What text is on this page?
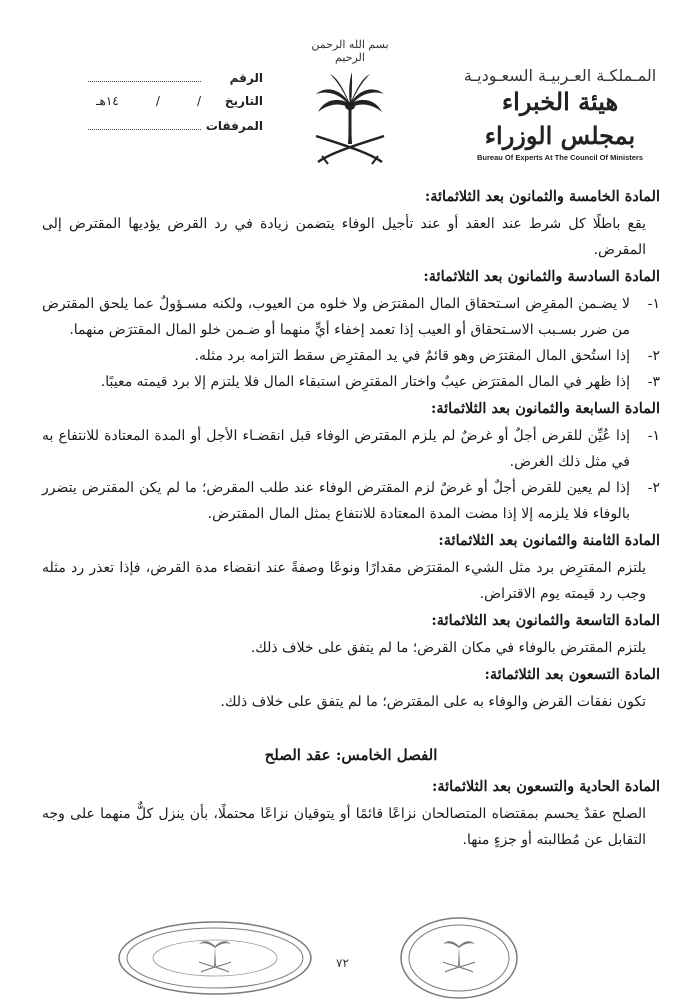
المـملكـة العـربيـة السعـوديـة
هيئة الخبراء بمجلس الوزراء
Bureau Of Experts At The Council Of Ministers
بسم الله الرحمن الرحيم
الرقم
التاريخ
/
/
١٤هـ
المرفقات
المادة الخامسة والثمانون بعد الثلاثمائة:

يقع باطلًا كل شرط عند العقد أو عند تأجيل الوفاء يتضمن زيادة في رد القرض يؤديها المقترض إلى المقرض.

المادة السادسة والثمانون بعد الثلاثمائة:
١-
لا يضـمن المقرِض اسـتحقاق المال المقترَض ولا خلوه من العيوب، ولكنه مسـؤولٌ عما يلحق المقترض من ضرر بسـبب الاسـتحقاق أو العيب إذا تعمد إخفاء أيٍّ منهما أو ضـمن خلو المال المقترَض منهما.
٢-
إذا استُحق المال المقترَض وهو قائمٌ في يد المقترِض سقط التزامه برد مثله.
٣-
إذا ظهر في المال المقترَض عيبٌ واختار المقترِض استبقاء المال فلا يلتزم إلا برد قيمته معيبًا.
المادة السابعة والثمانون بعد الثلاثمائة:
١-
إذا عُيِّن للقرض أجلٌ أو غرضٌ لم يلزم المقترض الوفاء قبل انقضـاء الأجل أو المدة المعتادة للانتفاع به في مثل ذلك الغرض.
٢-
إذا لم يعين للقرض أجلٌ أو غرضٌ لزم المقترض الوفاء عند طلب المقرض؛ ما لم يكن المقترض يتضرر بالوفاء فلا يلزمه إلا إذا مضت المدة المعتادة للانتفاع بمثل المال المقترض.
المادة الثامنة والثمانون بعد الثلاثمائة:

يلتزم المقترِض برد مثل الشيء المقترَض مقدارًا ونوعًا وصفةً عند انقضاء مدة القرض، فإذا تعذر رد مثله وجب رد قيمته يوم الاقتراض.

المادة التاسعة والثمانون بعد الثلاثمائة:

يلتزم المقترض بالوفاء في مكان القرض؛ ما لم يتفق على خلاف ذلك.

المادة التسعون بعد الثلاثمائة:

تكون نفقات القرض والوفاء به على المقترض؛ ما لم يتفق على خلاف ذلك.

الفصل الخامس: عقد الصلح
المادة الحادية والتسعون بعد الثلاثمائة:

الصلح عقدٌ يحسم بمقتضاه المتصالحان نزاعًا قائمًا أو يتوقيان نزاعًا محتملًا، بأن ينزل كلٌّ منهما على وجه التقابل عن مُطالبته أو جزءٍ منها.

٧٢
